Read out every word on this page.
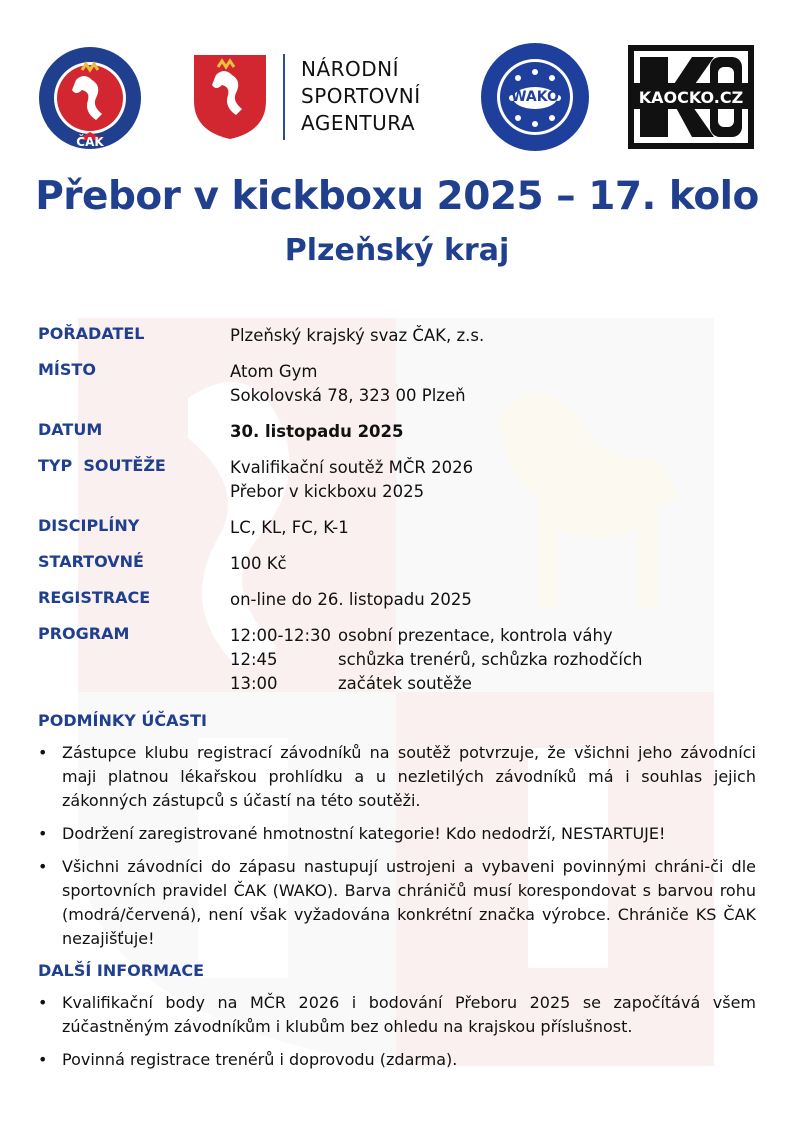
ČAK
NÁRODNÍ
SPORTOVNÍ
AGENTURA
WAKO	KAOCKO.CZ
Přebor v kickboxu 2025 – 17. kolo
Plzeňský kraj
POŘADATEL	Plzeňský krajský svaz ČAK, z.s.
MÍSTO	Atom Gym
Sokolovská 78, 323 00 Plzeň
DATUM	30. listopadu 2025
TYP  SOUTĚŽE	Kvalifikační soutěž MČR 2026
Přebor v kickboxu 2025
DISCIPLÍNY	LC, KL, FC, K-1
STARTOVNÉ	100 Kč
REGISTRACE	on-line do 26. listopadu 2025
PROGRAM	12:00-12:30 osobní prezentace, kontrola váhy
12:45	schůzka trenérů, schůzka rozhodčích
13:00	začátek soutěže
PODMÍNKY ÚČASTI
• Zástupce klubu registrací závodníků na soutěž potvrzuje, že všichni jeho závodníci maji platnou lékařskou prohlídku a u nezletilých závodníků má i souhlas jejich zákonných zástupců s účastí na této soutěži.
• Dodržení zaregistrované hmotnostní kategorie! Kdo nedodrží, NESTARTUJE!
• Všichni závodníci do zápasu nastupují ustrojeni a vybaveni povinnými chráni-či dle sportovních pravidel ČAK (WAKO). Barva chráničů musí korespondovat s barvou rohu (modrá/červená), není však vyžadována konkrétní značka výrobce. Chrániče KS ČAK nezajišťuje!
DALŠÍ INFORMACE
• Kvalifikační body na MČR 2026 i bodování Přeboru 2025 se započítává všem zúčastněným závodníkům i klubům bez ohledu na krajskou příslušnost.
• Povinná registrace trenérů i doprovodu (zdarma).
